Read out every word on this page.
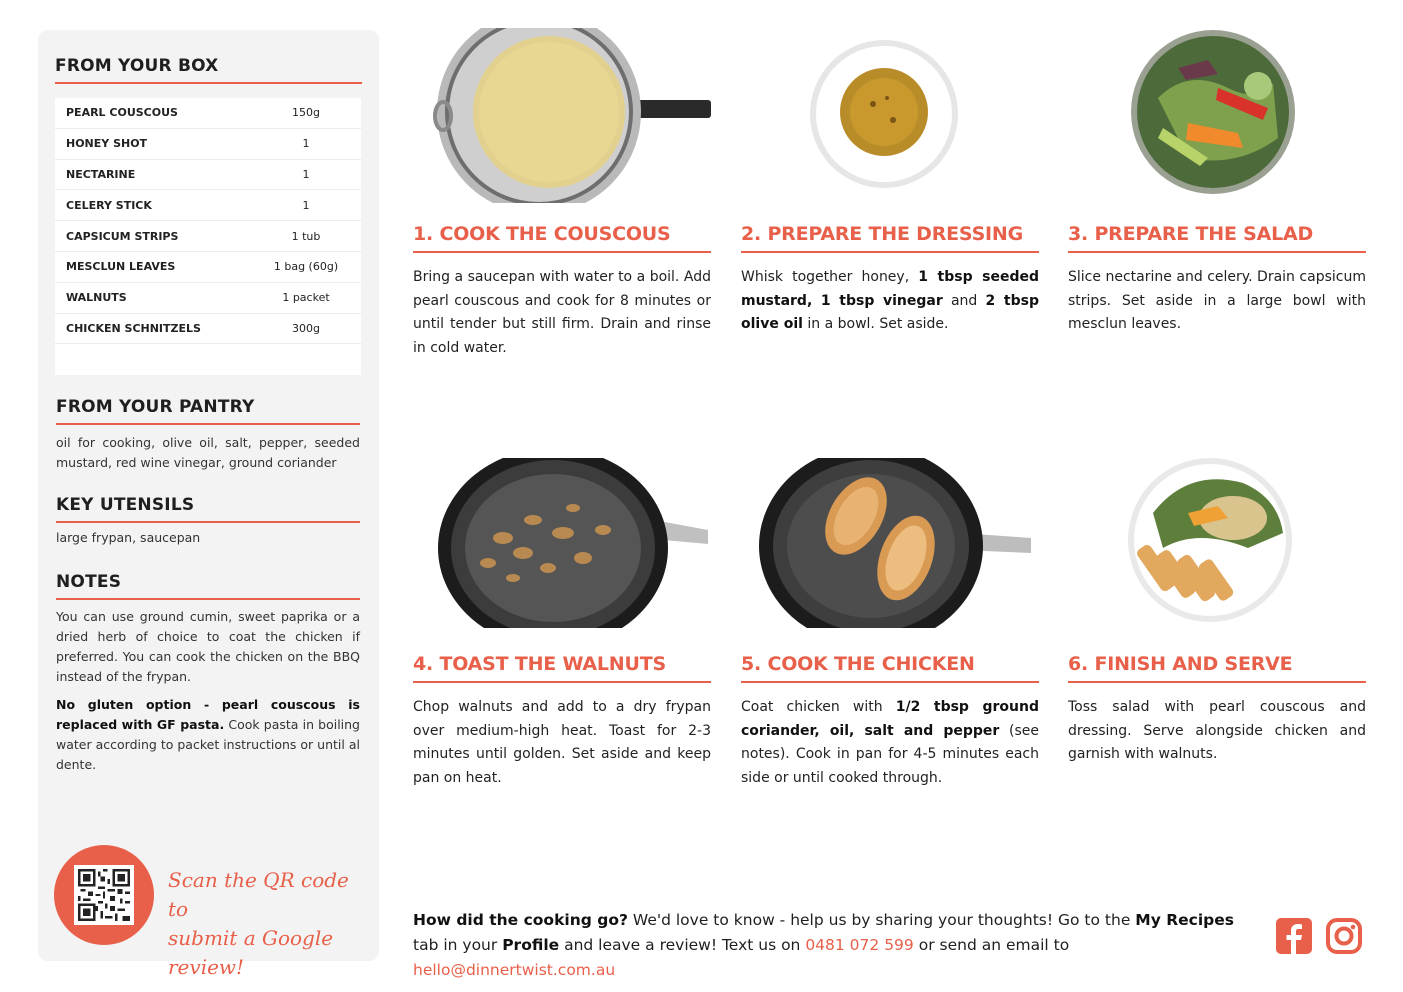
FROM YOUR BOX
PEARL COUSCOUS	150g
HONEY SHOT	1
NECTARINE	1
CELERY STICK	1
CAPSICUM STRIPS	1 tub
MESCLUN LEAVES	1 bag (60g)
WALNUTS	1 packet
CHICKEN SCHNITZELS	300g
FROM YOUR PANTRY
oil for cooking, olive oil, salt, pepper, seeded mustard, red wine vinegar, ground coriander
KEY UTENSILS
large frypan, saucepan
NOTES
You can use ground cumin, sweet paprika or a dried herb of choice to coat the chicken if preferred. You can cook the chicken on the BBQ instead of the frypan.
No gluten option - pearl couscous is replaced with GF pasta. Cook pasta in boiling water according to packet instructions or until al dente.
Scan the QR code to
submit a Google review!
1. COOK THE COUSCOUS
Bring a saucepan with water to a boil. Add pearl couscous and cook for 8 minutes or until tender but still firm. Drain and rinse in cold water.
2. PREPARE THE DRESSING
Whisk together honey, 1 tbsp seeded mustard, 1 tbsp vinegar and 2 tbsp olive oil in a bowl. Set aside.
3. PREPARE THE SALAD
Slice nectarine and celery. Drain capsicum strips. Set aside in a large bowl with mesclun leaves.
4. TOAST THE WALNUTS
Chop walnuts and add to a dry frypan over medium-high heat. Toast for 2-3 minutes until golden. Set aside and keep pan on heat.
5. COOK THE CHICKEN
Coat chicken with 1/2 tbsp ground coriander, oil, salt and pepper (see notes). Cook in pan for 4-5 minutes each side or until cooked through.
6. FINISH AND SERVE
Toss salad with pearl couscous and dressing. Serve alongside chicken and garnish with walnuts.
How did the cooking go? We'd love to know - help us by sharing your thoughts! Go to the My Recipes tab in your Profile and leave a review! Text us on 0481 072 599 or send an email to hello@dinnertwist.com.au
